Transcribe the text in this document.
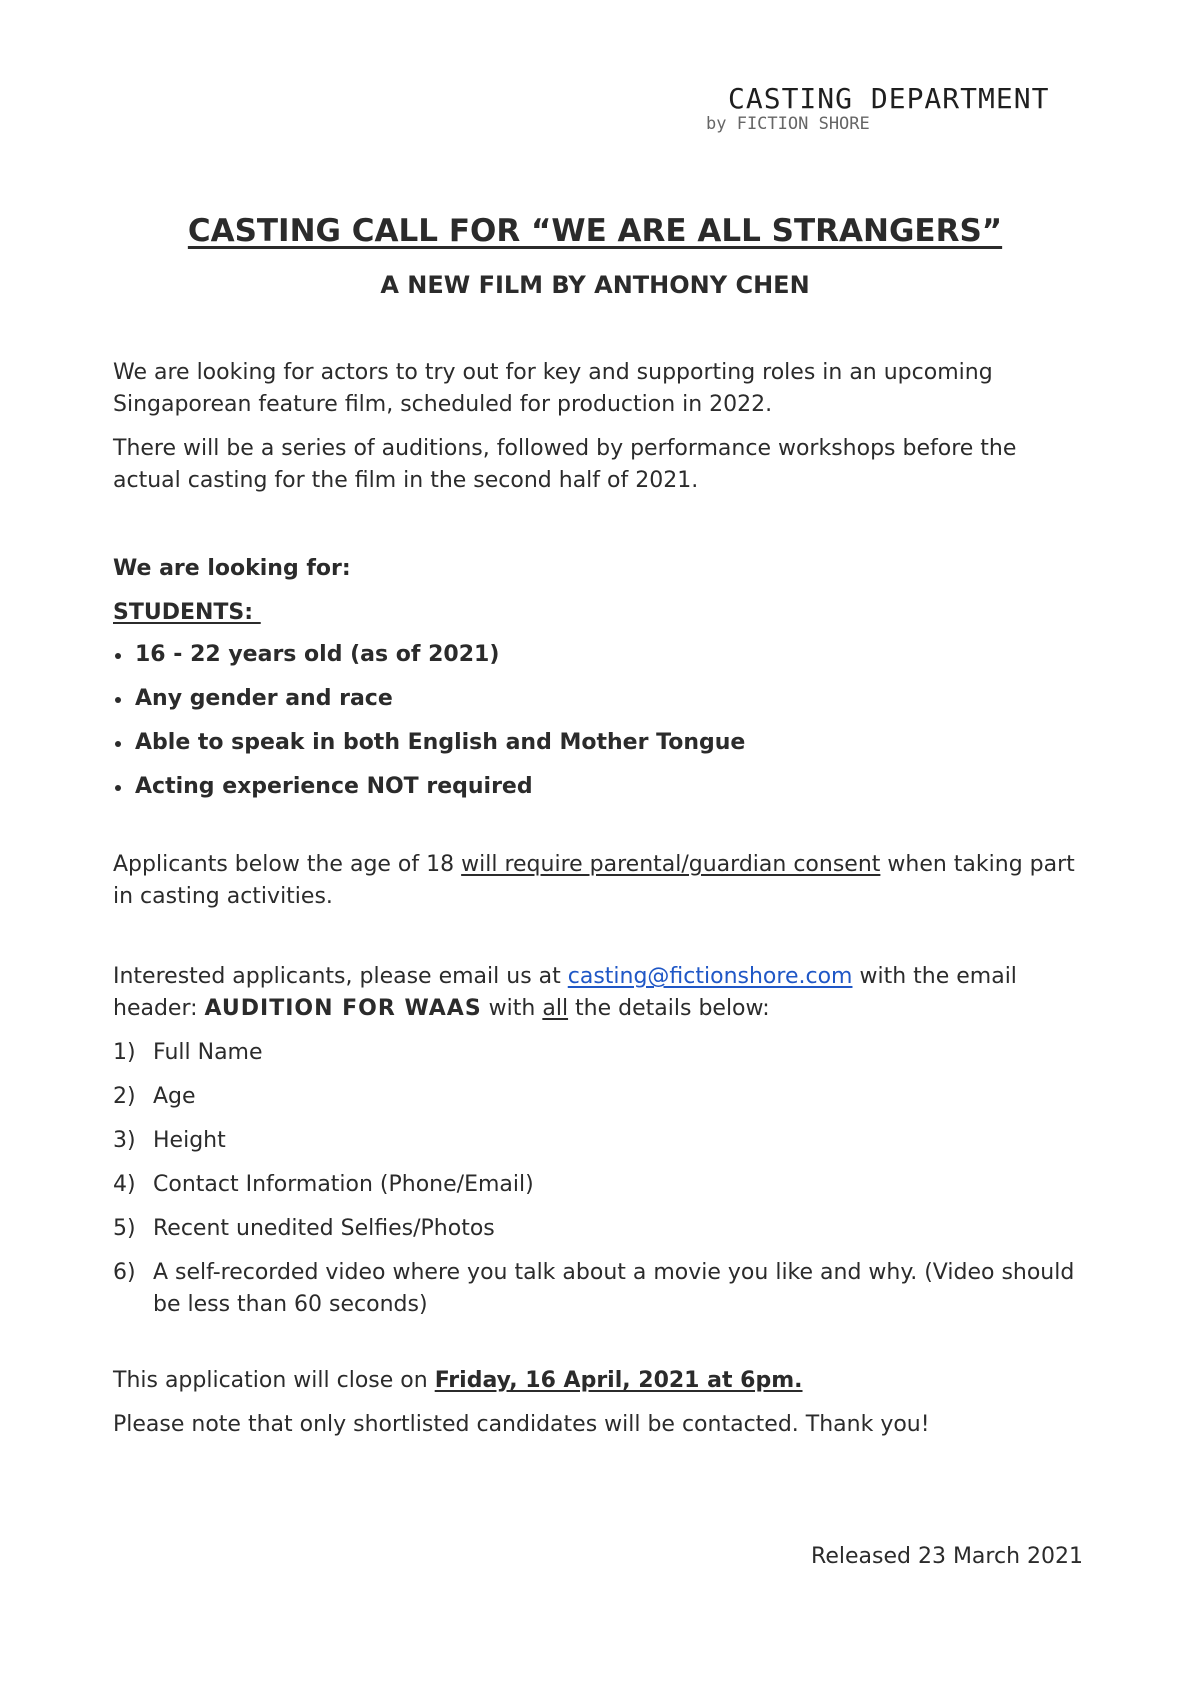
CASTING DEPARTMENT

by FICTION SHORE

CASTING CALL FOR “WE ARE ALL STRANGERS”
A NEW FILM BY ANTHONY CHEN

We are looking for actors to try out for key and supporting roles in an upcoming Singaporean feature film, scheduled for production in 2022.

There will be a series of auditions, followed by performance workshops before the actual casting for the film in the second half of 2021.

We are looking for:

STUDENTS:

16 - 22 years old (as of 2021)
Any gender and race
Able to speak in both English and Mother Tongue
Acting experience NOT required

Applicants below the age of 18 will require parental/guardian consent when taking part in casting activities.

Interested applicants, please email us at casting@fictionshore.com with the email header: AUDITION FOR WAAS with all the details below:

1) Full Name
2) Age
3) Height
4) Contact Information (Phone/Email)
5) Recent unedited Selfies/Photos
6) A self-recorded video where you talk about a movie you like and why. (Video should be less than 60 seconds)

This application will close on Friday, 16 April, 2021 at 6pm.

Please note that only shortlisted candidates will be contacted. Thank you!

Released 23 March 2021
